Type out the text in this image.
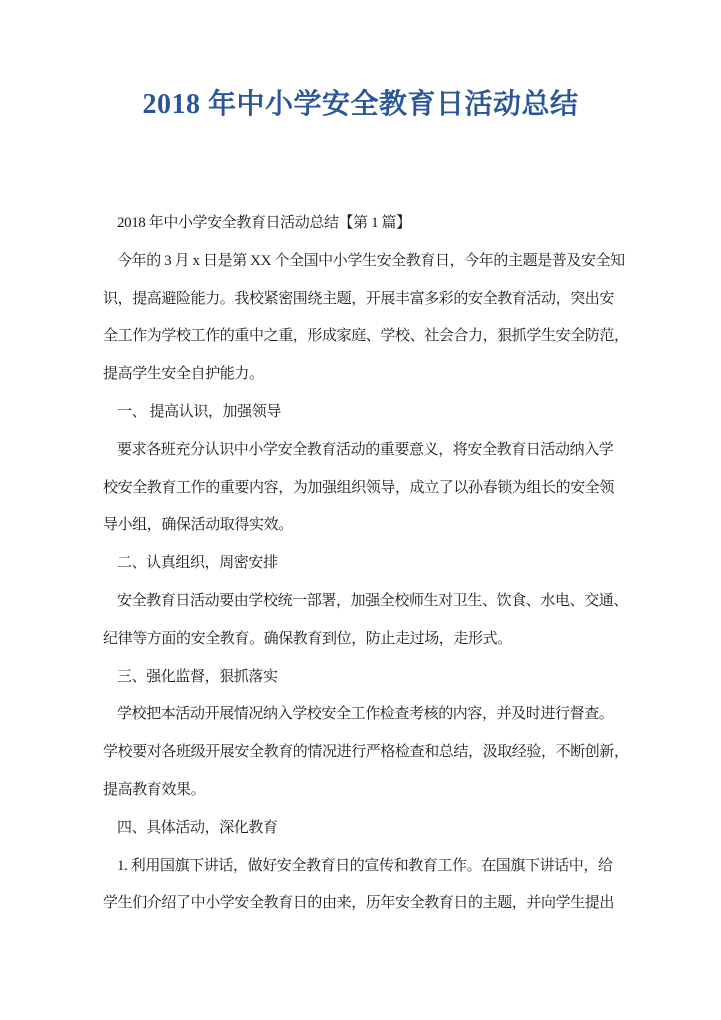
2018 年中小学安全教育日活动总结
2018 年中小学安全教育日活动总结【第 1 篇】
今年的 3 月 x 日是第 XX 个全国中小学生安全教育日，今年的主题是普及安全知
识，提高避险能力。我校紧密围绕主题，开展丰富多彩的安全教育活动，突出安
全工作为学校工作的重中之重，形成家庭、学校、社会合力，狠抓学生安全防范，
提高学生安全自护能力。
一、 提高认识，加强领导
要求各班充分认识中小学安全教育活动的重要意义，将安全教育日活动纳入学
校安全教育工作的重要内容，为加强组织领导，成立了以孙春锁为组长的安全领
导小组，确保活动取得实效。
二、认真组织，周密安排
安全教育日活动要由学校统一部署，加强全校师生对卫生、饮食、水电、交通、
纪律等方面的安全教育。确保教育到位，防止走过场，走形式。
三、强化监督，狠抓落实
学校把本活动开展情况纳入学校安全工作检查考核的内容，并及时进行督查。
学校要对各班级开展安全教育的情况进行严格检查和总结，汲取经验，不断创新，
提高教育效果。
四、具体活动，深化教育
1. 利用国旗下讲话，做好安全教育日的宣传和教育工作。在国旗下讲话中，给
学生们介绍了中小学安全教育日的由来，历年安全教育日的主题，并向学生提出
